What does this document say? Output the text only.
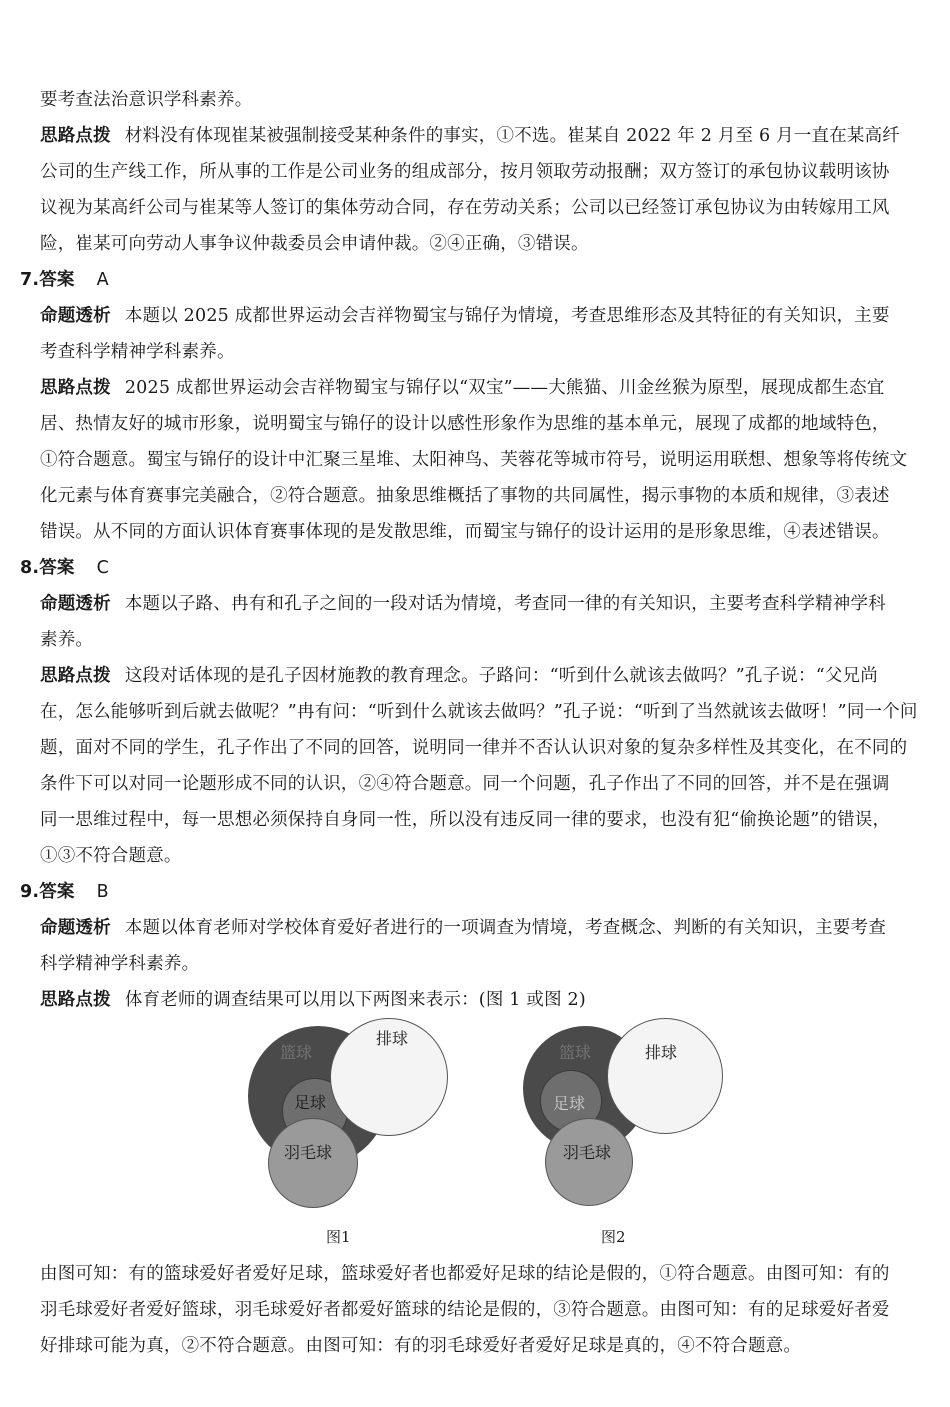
要考查法治意识学科素养。
思路点拨 材料没有体现崔某被强制接受某种条件的事实，①不选。崔某自 2022 年 2 月至 6 月一直在某高纤
公司的生产线工作，所从事的工作是公司业务的组成部分，按月领取劳动报酬；双方签订的承包协议载明该协
议视为某高纤公司与崔某等人签订的集体劳动合同，存在劳动关系；公司以已经签订承包协议为由转嫁用工风
险，崔某可向劳动人事争议仲裁委员会申请仲裁。②④正确，③错误。
7.答案 A
命题透析 本题以 2025 成都世界运动会吉祥物蜀宝与锦仔为情境，考查思维形态及其特征的有关知识，主要
考查科学精神学科素养。
思路点拨 2025 成都世界运动会吉祥物蜀宝与锦仔以“双宝”——大熊猫、川金丝猴为原型，展现成都生态宜
居、热情友好的城市形象，说明蜀宝与锦仔的设计以感性形象作为思维的基本单元，展现了成都的地域特色，
①符合题意。蜀宝与锦仔的设计中汇聚三星堆、太阳神鸟、芙蓉花等城市符号，说明运用联想、想象等将传统文
化元素与体育赛事完美融合，②符合题意。抽象思维概括了事物的共同属性，揭示事物的本质和规律，③表述
错误。从不同的方面认识体育赛事体现的是发散思维，而蜀宝与锦仔的设计运用的是形象思维，④表述错误。
8.答案 C
命题透析 本题以子路、冉有和孔子之间的一段对话为情境，考查同一律的有关知识，主要考查科学精神学科
素养。
思路点拨 这段对话体现的是孔子因材施教的教育理念。子路问：“听到什么就该去做吗？”孔子说：“父兄尚
在，怎么能够听到后就去做呢？”冉有问：“听到什么就该去做吗？”孔子说：“听到了当然就该去做呀！”同一个问
题，面对不同的学生，孔子作出了不同的回答，说明同一律并不否认认识对象的复杂多样性及其变化，在不同的
条件下可以对同一论题形成不同的认识，②④符合题意。同一个问题，孔子作出了不同的回答，并不是在强调
同一思维过程中，每一思想必须保持自身同一性，所以没有违反同一律的要求，也没有犯“偷换论题”的错误，
①③不符合题意。
9.答案 B
命题透析 本题以体育老师对学校体育爱好者进行的一项调查为情境，考查概念、判断的有关知识，主要考查
科学精神学科素养。
思路点拨 体育老师的调查结果可以用以下两图来表示：(图 1 或图 2)
篮球
排球
足球
羽毛球
图1
篮球	排球
足球
羽毛球
图2
由图可知：有的篮球爱好者爱好足球，篮球爱好者也都爱好足球的结论是假的，①符合题意。由图可知：有的
羽毛球爱好者爱好篮球，羽毛球爱好者都爱好篮球的结论是假的，③符合题意。由图可知：有的足球爱好者爱
好排球可能为真，②不符合题意。由图可知：有的羽毛球爱好者爱好足球是真的，④不符合题意。
